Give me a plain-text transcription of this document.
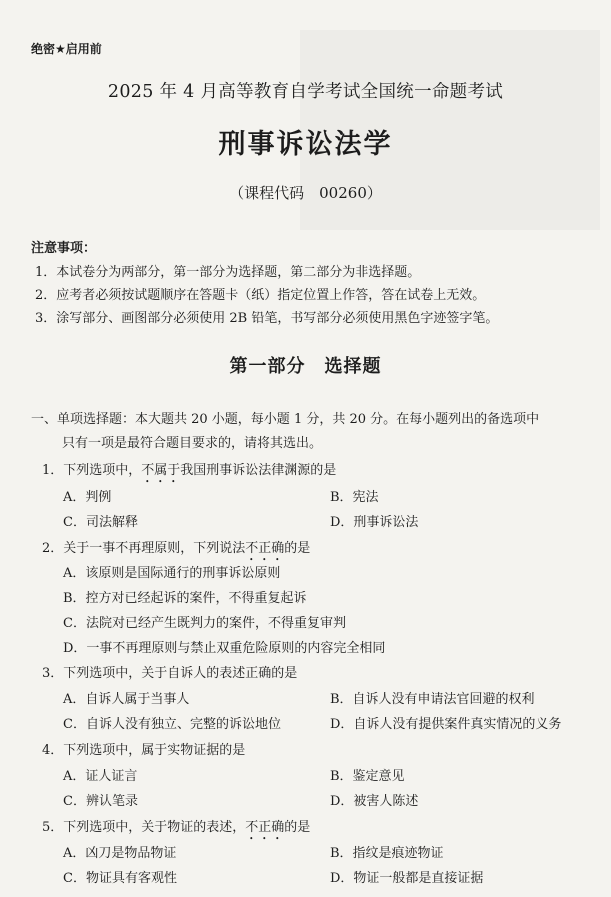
绝密★启用前
2025 年 4 月高等教育自学考试全国统一命题考试
刑事诉讼法学
（课程代码　00260）
注意事项：
1．本试卷分为两部分，第一部分为选择题，第二部分为非选择题。
2．应考者必须按试题顺序在答题卡（纸）指定位置上作答，答在试卷上无效。
3．涂写部分、画图部分必须使用 2B 铅笔，书写部分必须使用黑色字迹签字笔。
第一部分　选择题
一、单项选择题：本大题共 20 小题，每小题 1 分，共 20 分。在每小题列出的备选项中
只有一项是最符合题目要求的，请将其选出。
1．下列选项中，不属于我国刑事诉讼法律渊源的是
A．判例	B．宪法
C．司法解释	D．刑事诉讼法
2．关于一事不再理原则，下列说法不正确的是
A．该原则是国际通行的刑事诉讼原则
B．控方对已经起诉的案件，不得重复起诉
C．法院对已经产生既判力的案件，不得重复审判
D．一事不再理原则与禁止双重危险原则的内容完全相同
3．下列选项中，关于自诉人的表述正确的是
A．自诉人属于当事人	B．自诉人没有申请法官回避的权利
C．自诉人没有独立、完整的诉讼地位	D．自诉人没有提供案件真实情况的义务
4．下列选项中，属于实物证据的是
A．证人证言	B．鉴定意见
C．辨认笔录	D．被害人陈述
5．下列选项中，关于物证的表述，不正确的是
A．凶刀是物品物证	B．指纹是痕迹物证
C．物证具有客观性	D．物证一般都是直接证据
